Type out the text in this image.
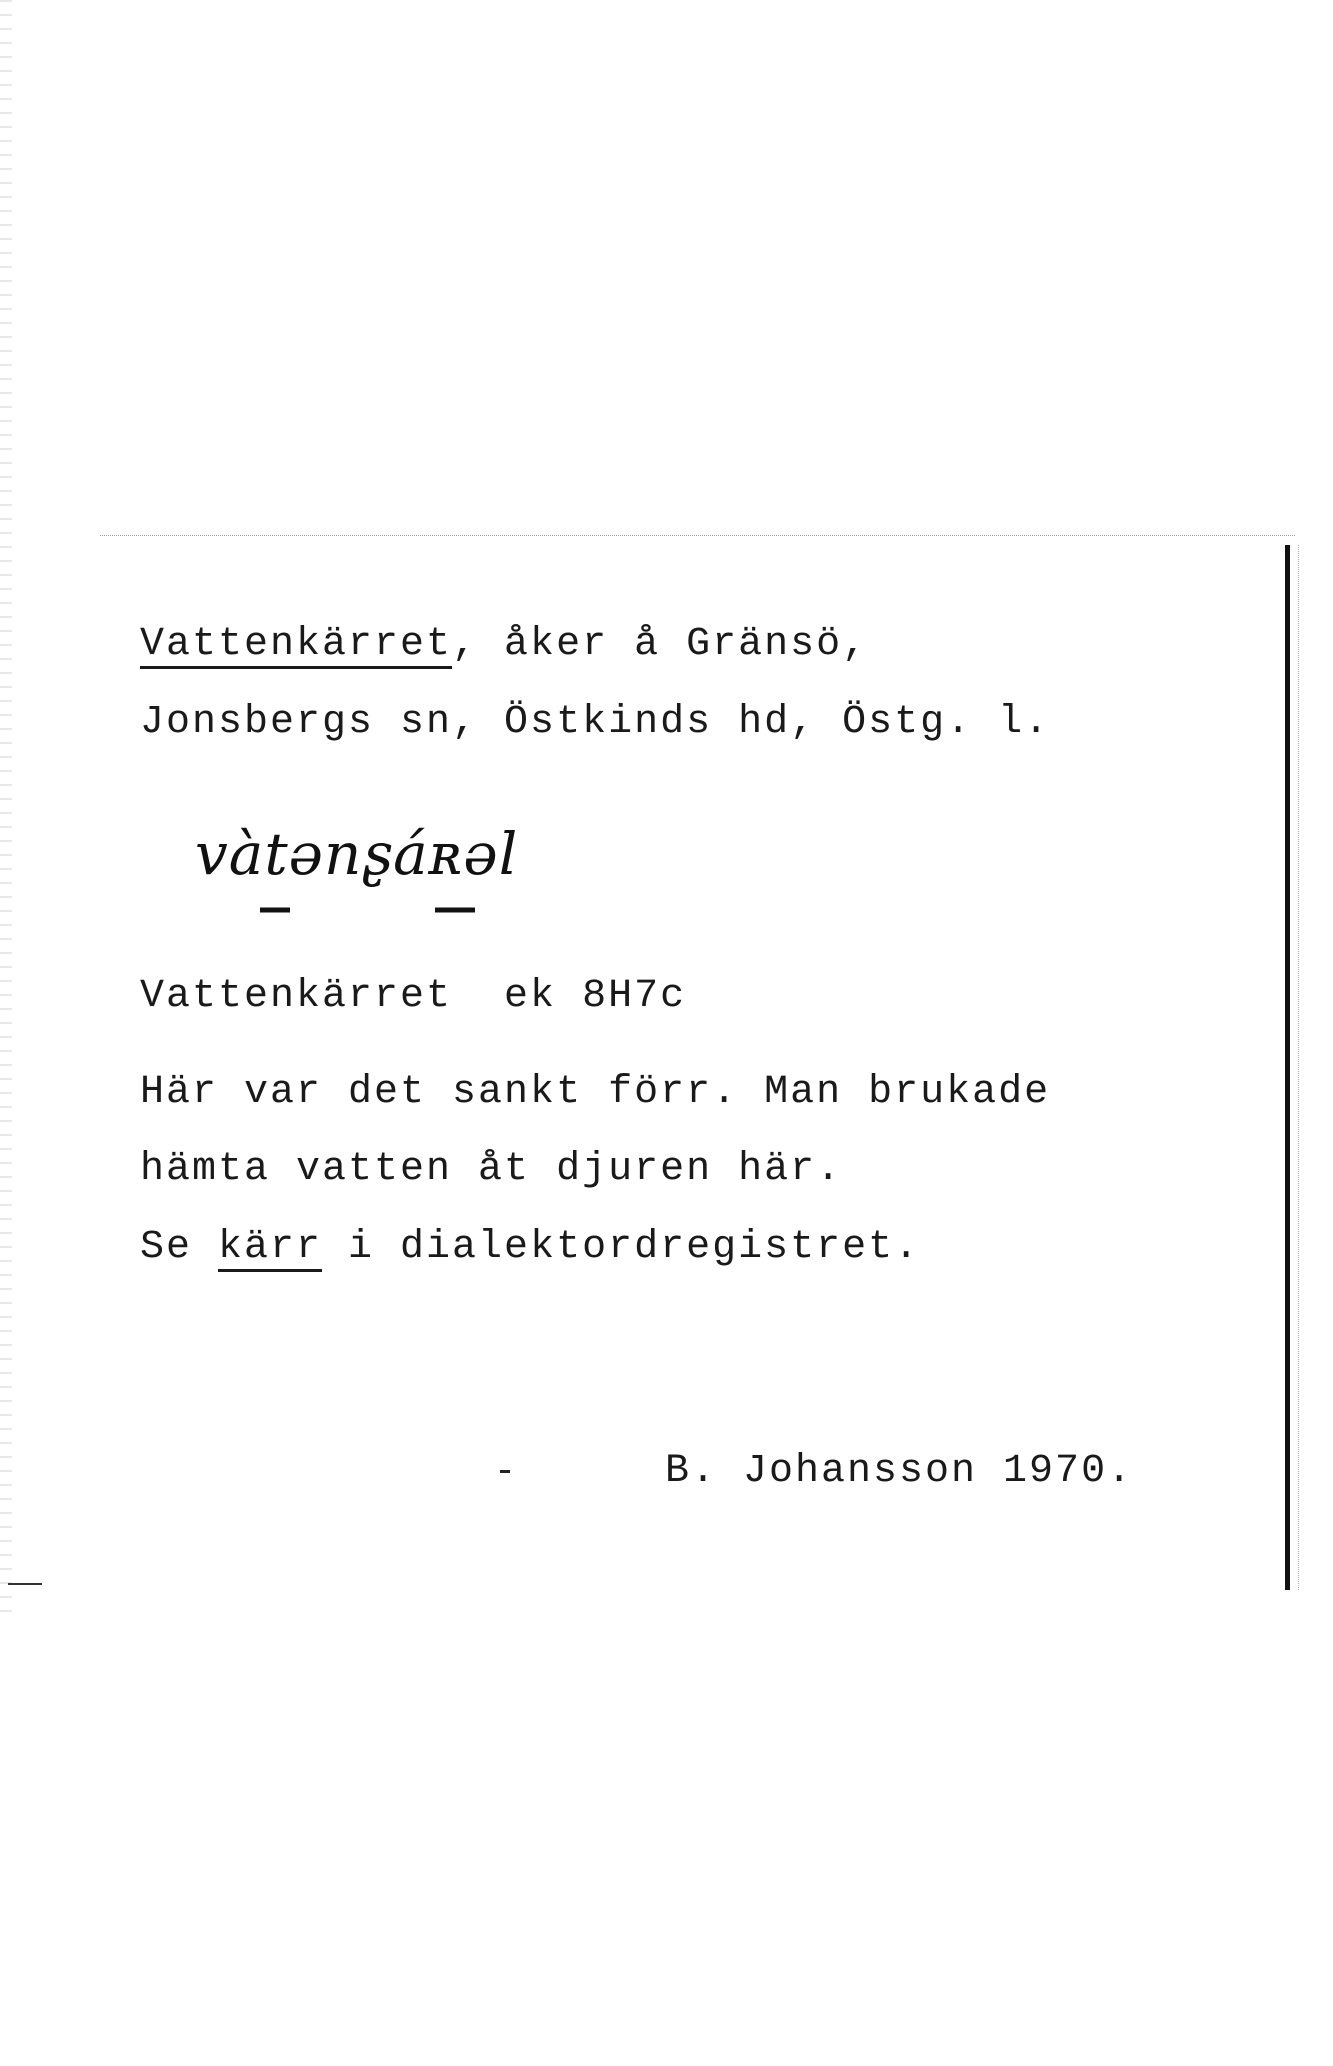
Vattenkärret, åker å Gränsö,
Jonsbergs sn, Östkinds hd, Östg. l.
vàtənʂáʀəl
Vattenkärret  ek 8H7c
Här var det sankt förr. Man brukade
hämta vatten åt djuren här.
Se kärr i dialektordregistret.
B. Johansson 1970.
